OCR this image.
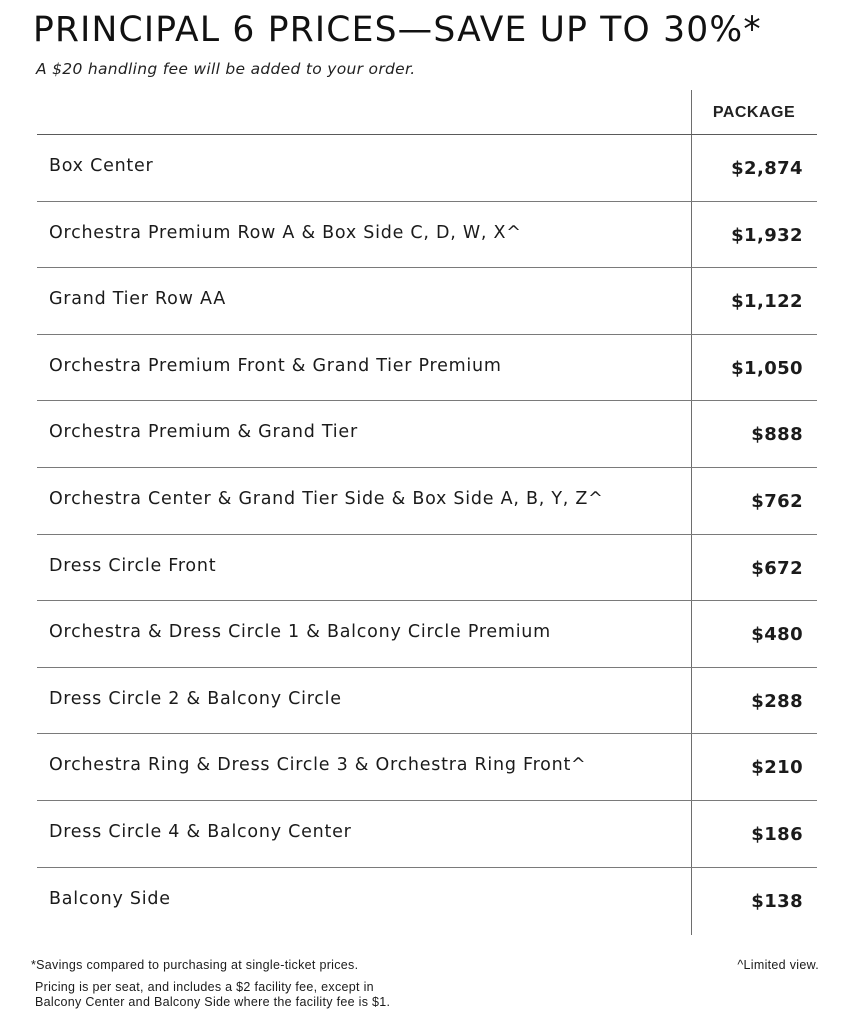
PRINCIPAL 6 PRICES—SAVE UP TO 30%*
A $20 handling fee will be added to your order.
PACKAGE
Box Center	$2,874
Orchestra Premium Row A & Box Side C, D, W, X^	$1,932
Grand Tier Row AA	$1,122
Orchestra Premium Front & Grand Tier Premium	$1,050
Orchestra Premium & Grand Tier	$888
Orchestra Center & Grand Tier Side & Box Side A, B, Y, Z^	$762
Dress Circle Front	$672
Orchestra & Dress Circle 1 & Balcony Circle Premium	$480
Dress Circle 2 & Balcony Circle	$288
Orchestra Ring & Dress Circle 3 & Orchestra Ring Front^	$210
Dress Circle 4 & Balcony Center	$186
Balcony Side	$138
*Savings compared to purchasing at single-ticket prices.	^Limited view.
Pricing is per seat, and includes a $2 facility fee, except in
Balcony Center and Balcony Side where the facility fee is $1.
